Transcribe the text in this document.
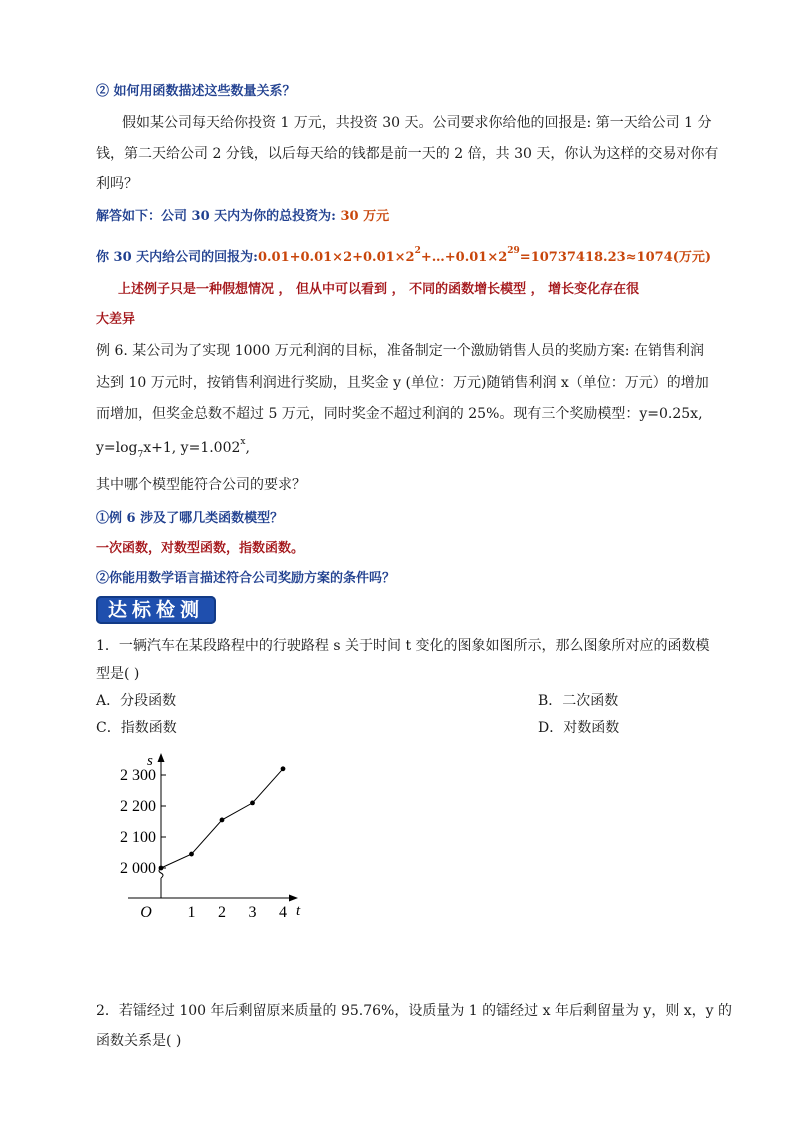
② 如何用函数描述这些数量关系？
假如某公司每天给你投资 1 万元，共投资 30 天。公司要求你给他的回报是: 第一天给公司 1 分
钱，第二天给公司 2 分钱，以后每天给的钱都是前一天的 2 倍，共 30 天，你认为这样的交易对你有
利吗？
解答如下：公司 30 天内为你的总投资为: 30 万元
你 30 天内给公司的回报为$:0.01+0.01\times 2+0.01\times 2^2+\dots+0.01\times 2^{29}=10737418.23\approx 1074$(万元)
上述例子只是一种假想情况 ， 但从中可以看到 ， 不同的函数增长模型 ， 增长变化存在很
大差异
例 6. 某公司为了实现 1000 万元利润的目标，准备制定一个激励销售人员的奖励方案: 在销售利润
达到 10 万元时，按销售利润进行奖励，且奖金 y (单位：万元)随销售利润 x（单位：万元）的增加
而增加，但奖金总数不超过 5 万元，同时奖金不超过利润的 25%。现有三个奖励模型：y=0.25x,
$y=\log_7x+1$, $y=1.002^x$,
其中哪个模型能符合公司的要求？
①例 6 涉及了哪几类函数模型？
一次函数，对数型函数，指数函数。
②你能用数学语言描述符合公司奖励方案的条件吗？
达标检测
1．一辆汽车在某段路程中的行驶路程 s 关于时间 t 变化的图象如图所示，那么图象所对应的函数模
型是( )
A．分段函数	B．二次函数
C．指数函数	D．对数函数
2 000
2 100
2 200
2 300
1 2 3 4
O	t
s
2．若镭经过 100 年后剩留原来质量的 95.76%，设质量为 1 的镭经过 x 年后剩留量为 y，则 x，y 的
函数关系是( )
